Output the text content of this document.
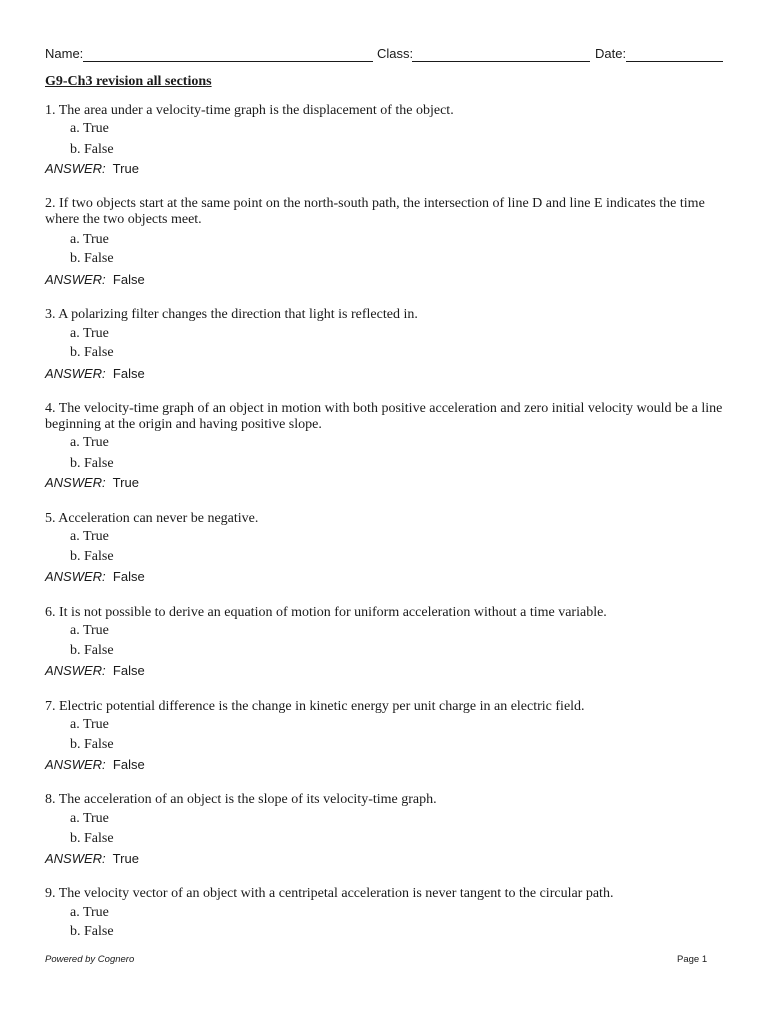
Name:	Class:	Date:
G9-Ch3 revision all sections
1. The area under a velocity-time graph is the displacement of the object.
a. True
b. False
ANSWER: True
2. If two objects start at the same point on the north-south path, the intersection of line D and line E indicates the time where the two objects meet.
a. True
b. False
ANSWER: False
3. A polarizing filter changes the direction that light is reflected in.
a. True
b. False
ANSWER: False
4. The velocity-time graph of an object in motion with both positive acceleration and zero initial velocity would be a line beginning at the origin and having positive slope.
a. True
b. False
ANSWER: True
5. Acceleration can never be negative.
a. True
b. False
ANSWER: False
6. It is not possible to derive an equation of motion for uniform acceleration without a time variable.
a. True
b. False
ANSWER: False
7. Electric potential difference is the change in kinetic energy per unit charge in an electric field.
a. True
b. False
ANSWER: False
8. The acceleration of an object is the slope of its velocity-time graph.
a. True
b. False
ANSWER: True
9. The velocity vector of an object with a centripetal acceleration is never tangent to the circular path.
a. True
b. False
Powered by Cognero	Page 1
